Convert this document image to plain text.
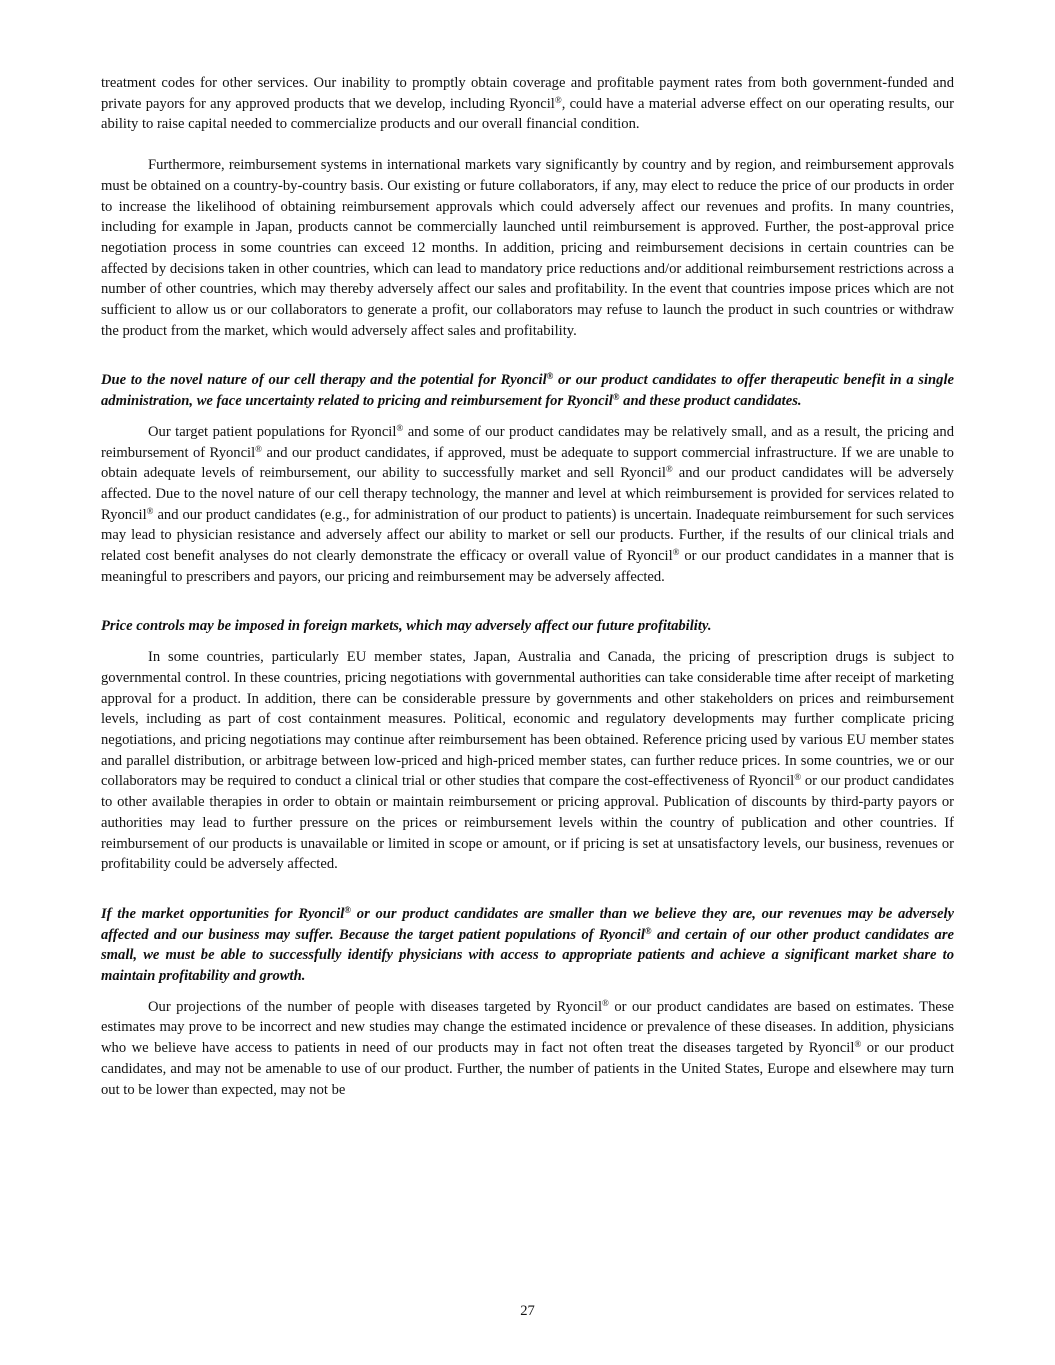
treatment codes for other services. Our inability to promptly obtain coverage and profitable payment rates from both government-funded and private payors for any approved products that we develop, including Ryoncil®, could have a material adverse effect on our operating results, our ability to raise capital needed to commercialize products and our overall financial condition.

Furthermore, reimbursement systems in international markets vary significantly by country and by region, and reimbursement approvals must be obtained on a country-by-country basis. Our existing or future collaborators, if any, may elect to reduce the price of our products in order to increase the likelihood of obtaining reimbursement approvals which could adversely affect our revenues and profits. In many countries, including for example in Japan, products cannot be commercially launched until reimbursement is approved. Further, the post-approval price negotiation process in some countries can exceed 12 months. In addition, pricing and reimbursement decisions in certain countries can be affected by decisions taken in other countries, which can lead to mandatory price reductions and/or additional reimbursement restrictions across a number of other countries, which may thereby adversely affect our sales and profitability. In the event that countries impose prices which are not sufficient to allow us or our collaborators to generate a profit, our collaborators may refuse to launch the product in such countries or withdraw the product from the market, which would adversely affect sales and profitability.

Due to the novel nature of our cell therapy and the potential for Ryoncil® or our product candidates to offer therapeutic benefit in a single administration, we face uncertainty related to pricing and reimbursement for Ryoncil® and these product candidates.

Our target patient populations for Ryoncil® and some of our product candidates may be relatively small, and as a result, the pricing and reimbursement of Ryoncil® and our product candidates, if approved, must be adequate to support commercial infrastructure. If we are unable to obtain adequate levels of reimbursement, our ability to successfully market and sell Ryoncil® and our product candidates will be adversely affected. Due to the novel nature of our cell therapy technology, the manner and level at which reimbursement is provided for services related to Ryoncil® and our product candidates (e.g., for administration of our product to patients) is uncertain. Inadequate reimbursement for such services may lead to physician resistance and adversely affect our ability to market or sell our products. Further, if the results of our clinical trials and related cost benefit analyses do not clearly demonstrate the efficacy or overall value of Ryoncil® or our product candidates in a manner that is meaningful to prescribers and payors, our pricing and reimbursement may be adversely affected.

Price controls may be imposed in foreign markets, which may adversely affect our future profitability.

In some countries, particularly EU member states, Japan, Australia and Canada, the pricing of prescription drugs is subject to governmental control. In these countries, pricing negotiations with governmental authorities can take considerable time after receipt of marketing approval for a product. In addition, there can be considerable pressure by governments and other stakeholders on prices and reimbursement levels, including as part of cost containment measures. Political, economic and regulatory developments may further complicate pricing negotiations, and pricing negotiations may continue after reimbursement has been obtained. Reference pricing used by various EU member states and parallel distribution, or arbitrage between low-priced and high-priced member states, can further reduce prices. In some countries, we or our collaborators may be required to conduct a clinical trial or other studies that compare the cost-effectiveness of Ryoncil® or our product candidates to other available therapies in order to obtain or maintain reimbursement or pricing approval. Publication of discounts by third-party payors or authorities may lead to further pressure on the prices or reimbursement levels within the country of publication and other countries. If reimbursement of our products is unavailable or limited in scope or amount, or if pricing is set at unsatisfactory levels, our business, revenues or profitability could be adversely affected.

If the market opportunities for Ryoncil® or our product candidates are smaller than we believe they are, our revenues may be adversely affected and our business may suffer. Because the target patient populations of Ryoncil® and certain of our other product candidates are small, we must be able to successfully identify physicians with access to appropriate patients and achieve a significant market share to maintain profitability and growth.

Our projections of the number of people with diseases targeted by Ryoncil® or our product candidates are based on estimates. These estimates may prove to be incorrect and new studies may change the estimated incidence or prevalence of these diseases. In addition, physicians who we believe have access to patients in need of our products may in fact not often treat the diseases targeted by Ryoncil® or our product candidates, and may not be amenable to use of our product. Further, the number of patients in the United States, Europe and elsewhere may turn out to be lower than expected, may not be

27
